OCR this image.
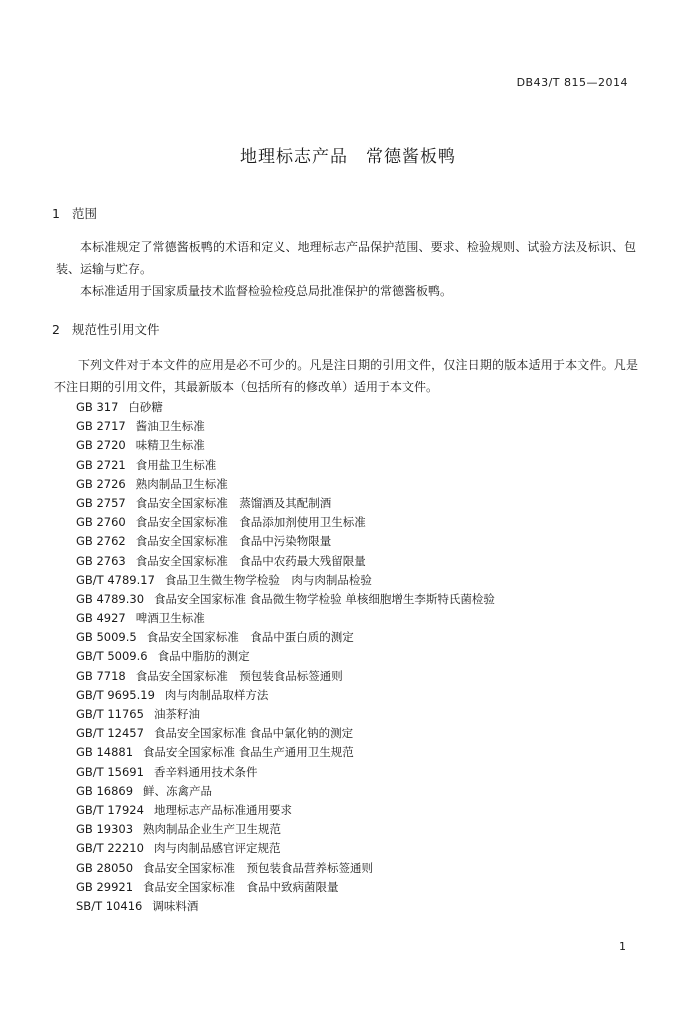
DB43/T 815—2014
地理标志产品　常德酱板鸭
1 范围
本标准规定了常德酱板鸭的术语和定义、地理标志产品保护范围、要求、检验规则、试验方法及标识、包装、运输与贮存。
本标准适用于国家质量技术监督检验检疫总局批准保护的常德酱板鸭。
2 规范性引用文件
下列文件对于本文件的应用是必不可少的。凡是注日期的引用文件，仅注日期的版本适用于本文件。凡是不注日期的引用文件，其最新版本（包括所有的修改单）适用于本文件。
GB 317 白砂糖
GB 2717 酱油卫生标准
GB 2720 味精卫生标准
GB 2721 食用盐卫生标准
GB 2726 熟肉制品卫生标准
GB 2757 食品安全国家标准　蒸馏酒及其配制酒
GB 2760 食品安全国家标准　食品添加剂使用卫生标准
GB 2762 食品安全国家标准　食品中污染物限量
GB 2763 食品安全国家标准　食品中农药最大残留限量
GB/T 4789.17 食品卫生微生物学检验　肉与肉制品检验
GB 4789.30 食品安全国家标准 食品微生物学检验 单核细胞增生李斯特氏菌检验
GB 4927 啤酒卫生标准
GB 5009.5 食品安全国家标准　食品中蛋白质的测定
GB/T 5009.6 食品中脂肪的测定
GB 7718 食品安全国家标准　预包装食品标签通则
GB/T 9695.19 肉与肉制品取样方法
GB/T 11765 油茶籽油
GB/T 12457 食品安全国家标准 食品中氯化钠的测定
GB 14881 食品安全国家标准 食品生产通用卫生规范
GB/T 15691 香辛料通用技术条件
GB 16869 鲜、冻禽产品
GB/T 17924 地理标志产品标准通用要求
GB 19303 熟肉制品企业生产卫生规范
GB/T 22210 肉与肉制品感官评定规范
GB 28050 食品安全国家标准　预包装食品营养标签通则
GB 29921 食品安全国家标准　食品中致病菌限量
SB/T 10416 调味料酒
1
